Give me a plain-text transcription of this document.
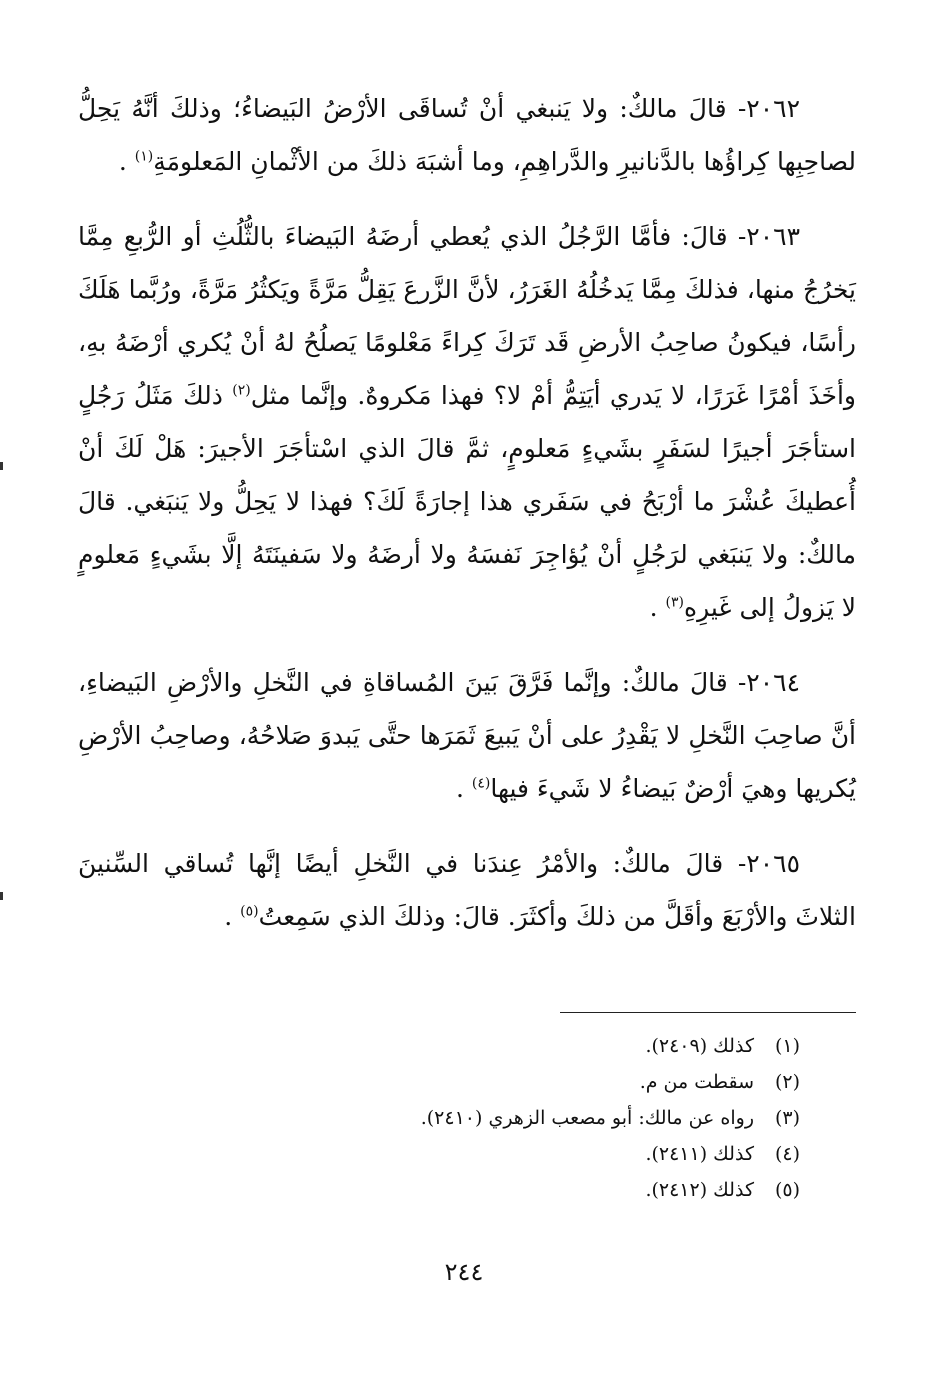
٢٠٦٢- قالَ مالكٌ: ولا يَنبغي أنْ تُساقَى الأرْضُ البَيضاءُ؛ وذلكَ أنَّهُ يَحِلُّ لصاحِبِها كِراؤُها بالدَّنانيرِ والدَّراهِمِ، وما أشبَهَ ذلكَ من الأثْمانِ المَعلومَةِ$^{(١)}$ .

٢٠٦٣- قالَ: فأمَّا الرَّجُلُ الذي يُعطي أرضَهُ البَيضاءَ بالثُّلُثِ أو الرُّبعِ مِمَّا يَخرُجُ منها، فذلكَ مِمَّا يَدخُلُهُ الغَرَرُ، لأنَّ الزَّرعَ يَقِلُّ مَرَّةً ويَكثُرُ مَرَّةً، ورُبَّما هَلَكَ رأسًا، فيكونُ صاحِبُ الأرضِ قَد تَرَكَ كِراءً مَعْلومًا يَصلُحُ لهُ أنْ يُكري أرْضَهُ بهِ، وأخَذَ أمْرًا غَرَرًا، لا يَدري أيَتِمُّ أمْ لا؟ فهذا مَكروهٌ. وإنَّما مثل$^{(٢)}$ ذلكَ مَثَلُ رَجُلٍ استأجَرَ أجيرًا لسَفَرٍ بشَيءٍ مَعلومٍ، ثمَّ قالَ الذي اسْتأجَرَ الأجيرَ: هَلْ لَكَ أنْ أُعطيكَ عُشْرَ ما أرْبَحُ في سَفَري هذا إجارَةً لَكَ؟ فهذا لا يَحِلُّ ولا يَنبَغي. قالَ مالكٌ: ولا يَنبَغي لرَجُلٍ أنْ يُؤاجِرَ نَفسَهُ ولا أرضَهُ ولا سَفينَتَهُ إلَّا بشَيءٍ مَعلومٍ لا يَزولُ إلى غَيرِهِ$^{(٣)}$ .

٢٠٦٤- قالَ مالكٌ: وإنَّما فَرَّقَ بَينَ المُساقاةِ في النَّخلِ والأرْضِ البَيضاءِ، أنَّ صاحِبَ النَّخلِ لا يَقْدِرُ على أنْ يَبيعَ ثَمَرَها حتَّى يَبدوَ صَلاحُهُ، وصاحِبُ الأرْضِ يُكريها وهيَ أرْضٌ بَيضاءُ لا شَيءَ فيها$^{(٤)}$ .

٢٠٦٥- قالَ مالكٌ: والأمْرُ عِندَنا في النَّخلِ أيضًا إنَّها تُساقي السِّنينَ الثلاثَ والأرْبَعَ وأقَلَّ من ذلكَ وأكثَرَ. قالَ: وذلكَ الذي سَمِعتُ$^{(٥)}$ .

(١)كذلك (٢٤٠٩).
(٢)سقطت من م.
(٣)رواه عن مالك: أبو مصعب الزهري (٢٤١٠).
(٤)كذلك (٢٤١١).
(٥)كذلك (٢٤١٢).
٢٤٤
